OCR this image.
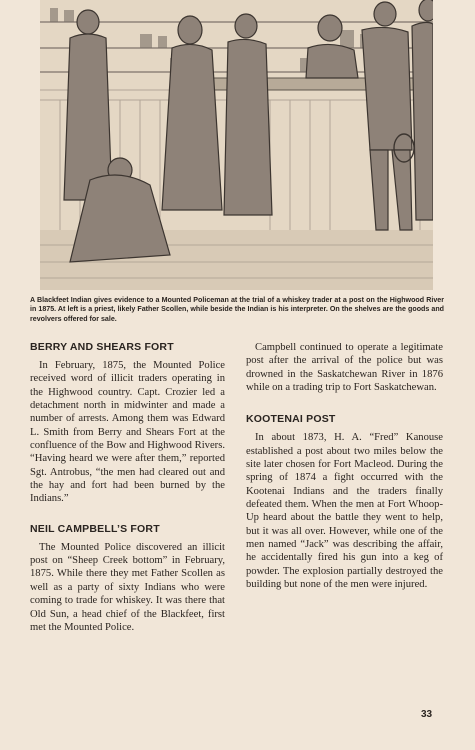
A Blackfeet Indian gives evidence to a Mounted Policeman at the trial of a whiskey trader at a post on the Highwood River in 1875. At left is a priest, likely Father Scollen, while beside the Indian is his interpreter. On the shelves are the goods and revolvers offered for sale.
BERRY AND SHEARS FORT

In February, 1875, the Mounted Police received word of illicit traders operating in the Highwood country. Capt. Crozier led a detachment north in midwinter and made a number of arrests. Among them was Edward L. Smith from Berry and Shears Fort at the confluence of the Bow and Highwood Rivers. “Having heard we were after them,” reported Sgt. Antrobus, “the men had cleared out and the hay and fort had been burned by the Indians.”

NEIL CAMPBELL’S FORT

The Mounted Police discovered an illicit post on “Sheep Creek bottom” in February, 1875. While there they met Father Scollen as well as a party of sixty Indians who were coming to trade for whiskey. It was there that Old Sun, a head chief of the Blackfeet, first met the Mounted Police.

Campbell continued to operate a legitimate post after the arrival of the police but was drowned in the Saskatchewan River in 1876 while on a trading trip to Fort Saskatchewan.

KOOTENAI POST

In about 1873, H. A. “Fred” Kanouse established a post about two miles below the site later chosen for Fort Macleod. During the spring of 1874 a fight occurred with the Kootenai Indians and the traders finally defeated them. When the men at Fort Whoop-Up heard about the battle they went to help, but it was all over. However, while one of the men named “Jack” was describing the affair, he accidentally fired his gun into a keg of powder. The explosion partially destroyed the building but none of the men were injured.

33
